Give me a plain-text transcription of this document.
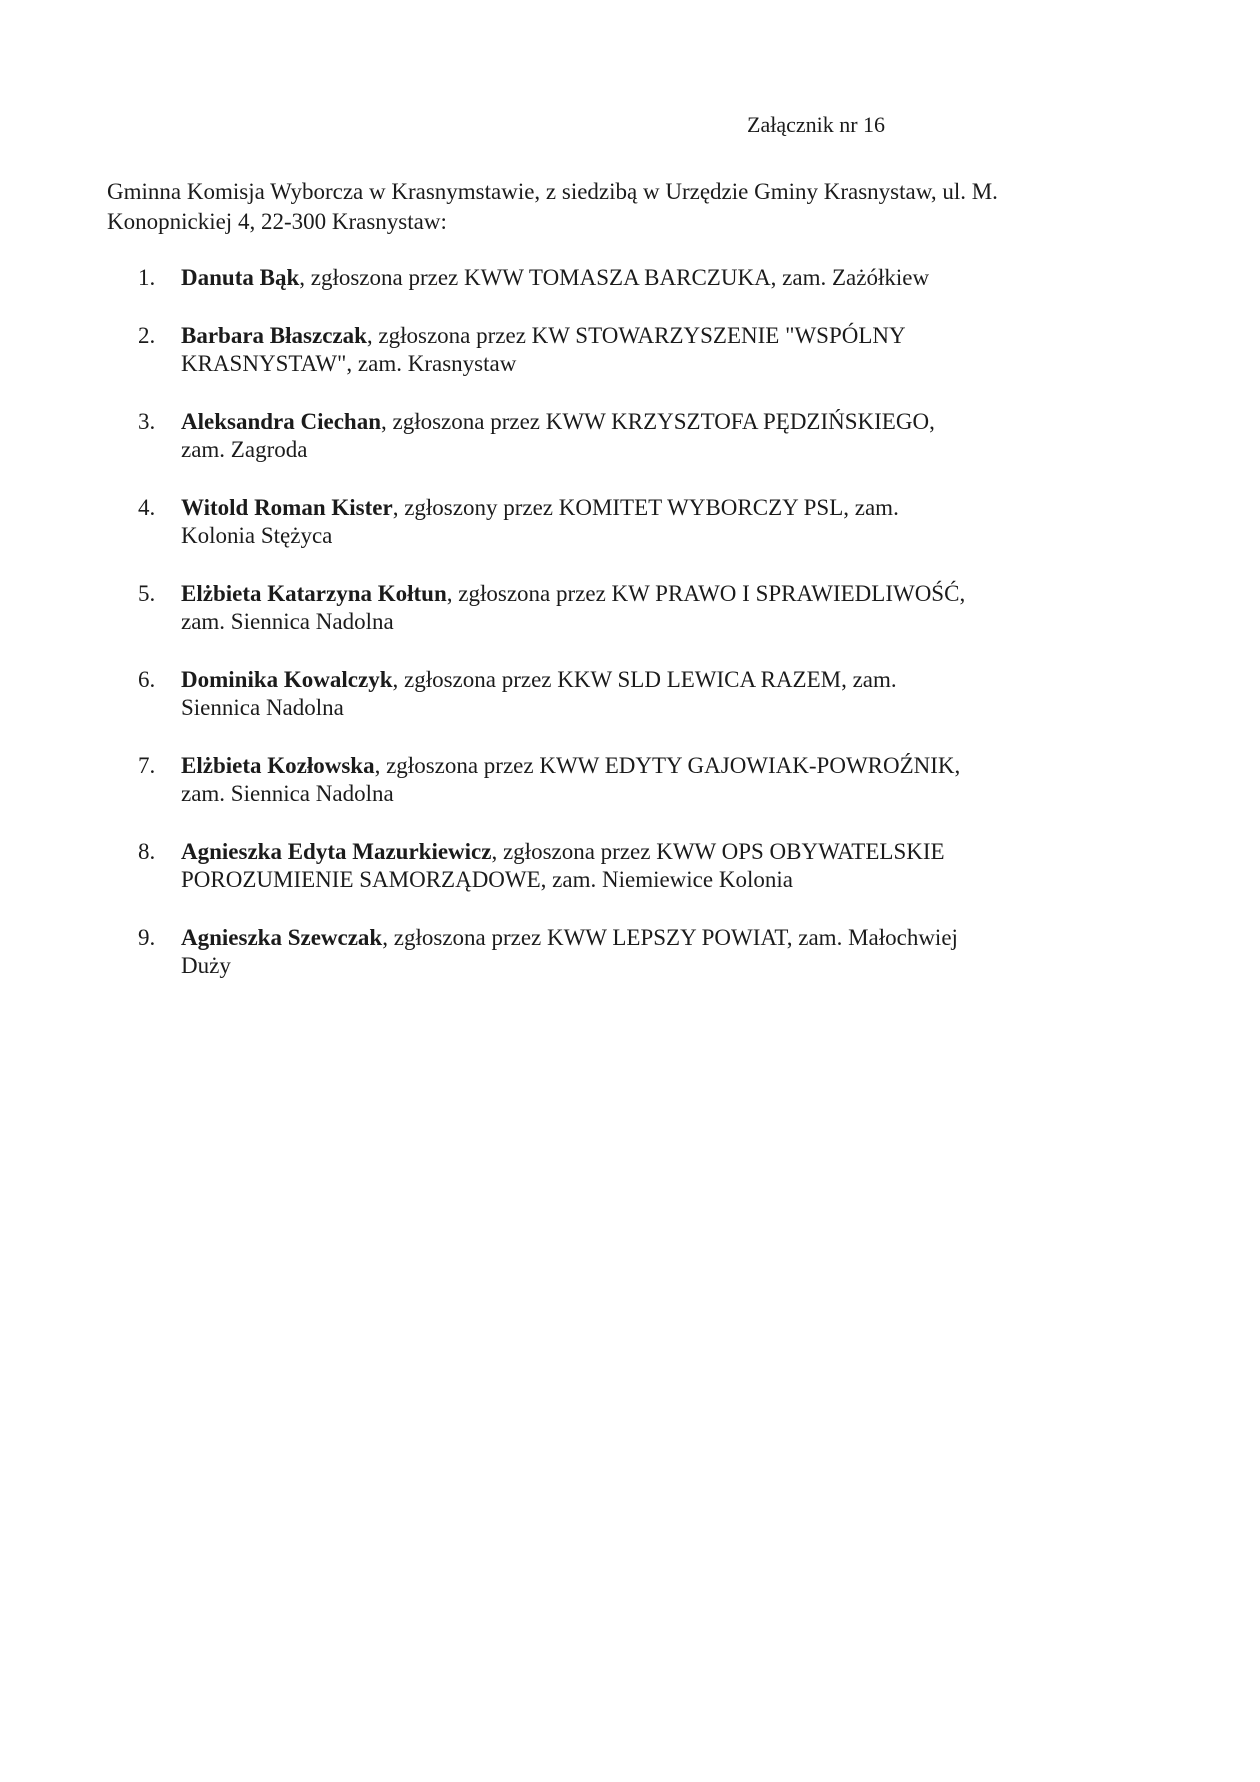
Załącznik nr 16
Gminna Komisja Wyborcza w Krasnymstawie, z siedzibą w Urzędzie Gminy Krasnystaw, ul. M.
Konopnickiej 4, 22-300 Krasnystaw:
1.	Danuta Bąk, zgłoszona przez KWW TOMASZA BARCZUKA, zam. Zażółkiew
2.	Barbara Błaszczak, zgłoszona przez KW STOWARZYSZENIE "WSPÓLNY
KRASNYSTAW", zam. Krasnystaw
3.	Aleksandra Ciechan, zgłoszona przez KWW KRZYSZTOFA PĘDZIŃSKIEGO,
zam. Zagroda
4.	Witold Roman Kister, zgłoszony przez KOMITET WYBORCZY PSL, zam.
Kolonia Stężyca
5.	Elżbieta Katarzyna Kołtun, zgłoszona przez KW PRAWO I SPRAWIEDLIWOŚĆ,
zam. Siennica Nadolna
6.	Dominika Kowalczyk, zgłoszona przez KKW SLD LEWICA RAZEM, zam.
Siennica Nadolna
7.	Elżbieta Kozłowska, zgłoszona przez KWW EDYTY GAJOWIAK-POWROŹNIK,
zam. Siennica Nadolna
8.	Agnieszka Edyta Mazurkiewicz, zgłoszona przez KWW OPS OBYWATELSKIE
POROZUMIENIE SAMORZĄDOWE, zam. Niemiewice Kolonia
9.	Agnieszka Szewczak, zgłoszona przez KWW LEPSZY POWIAT, zam. Małochwiej
Duży
